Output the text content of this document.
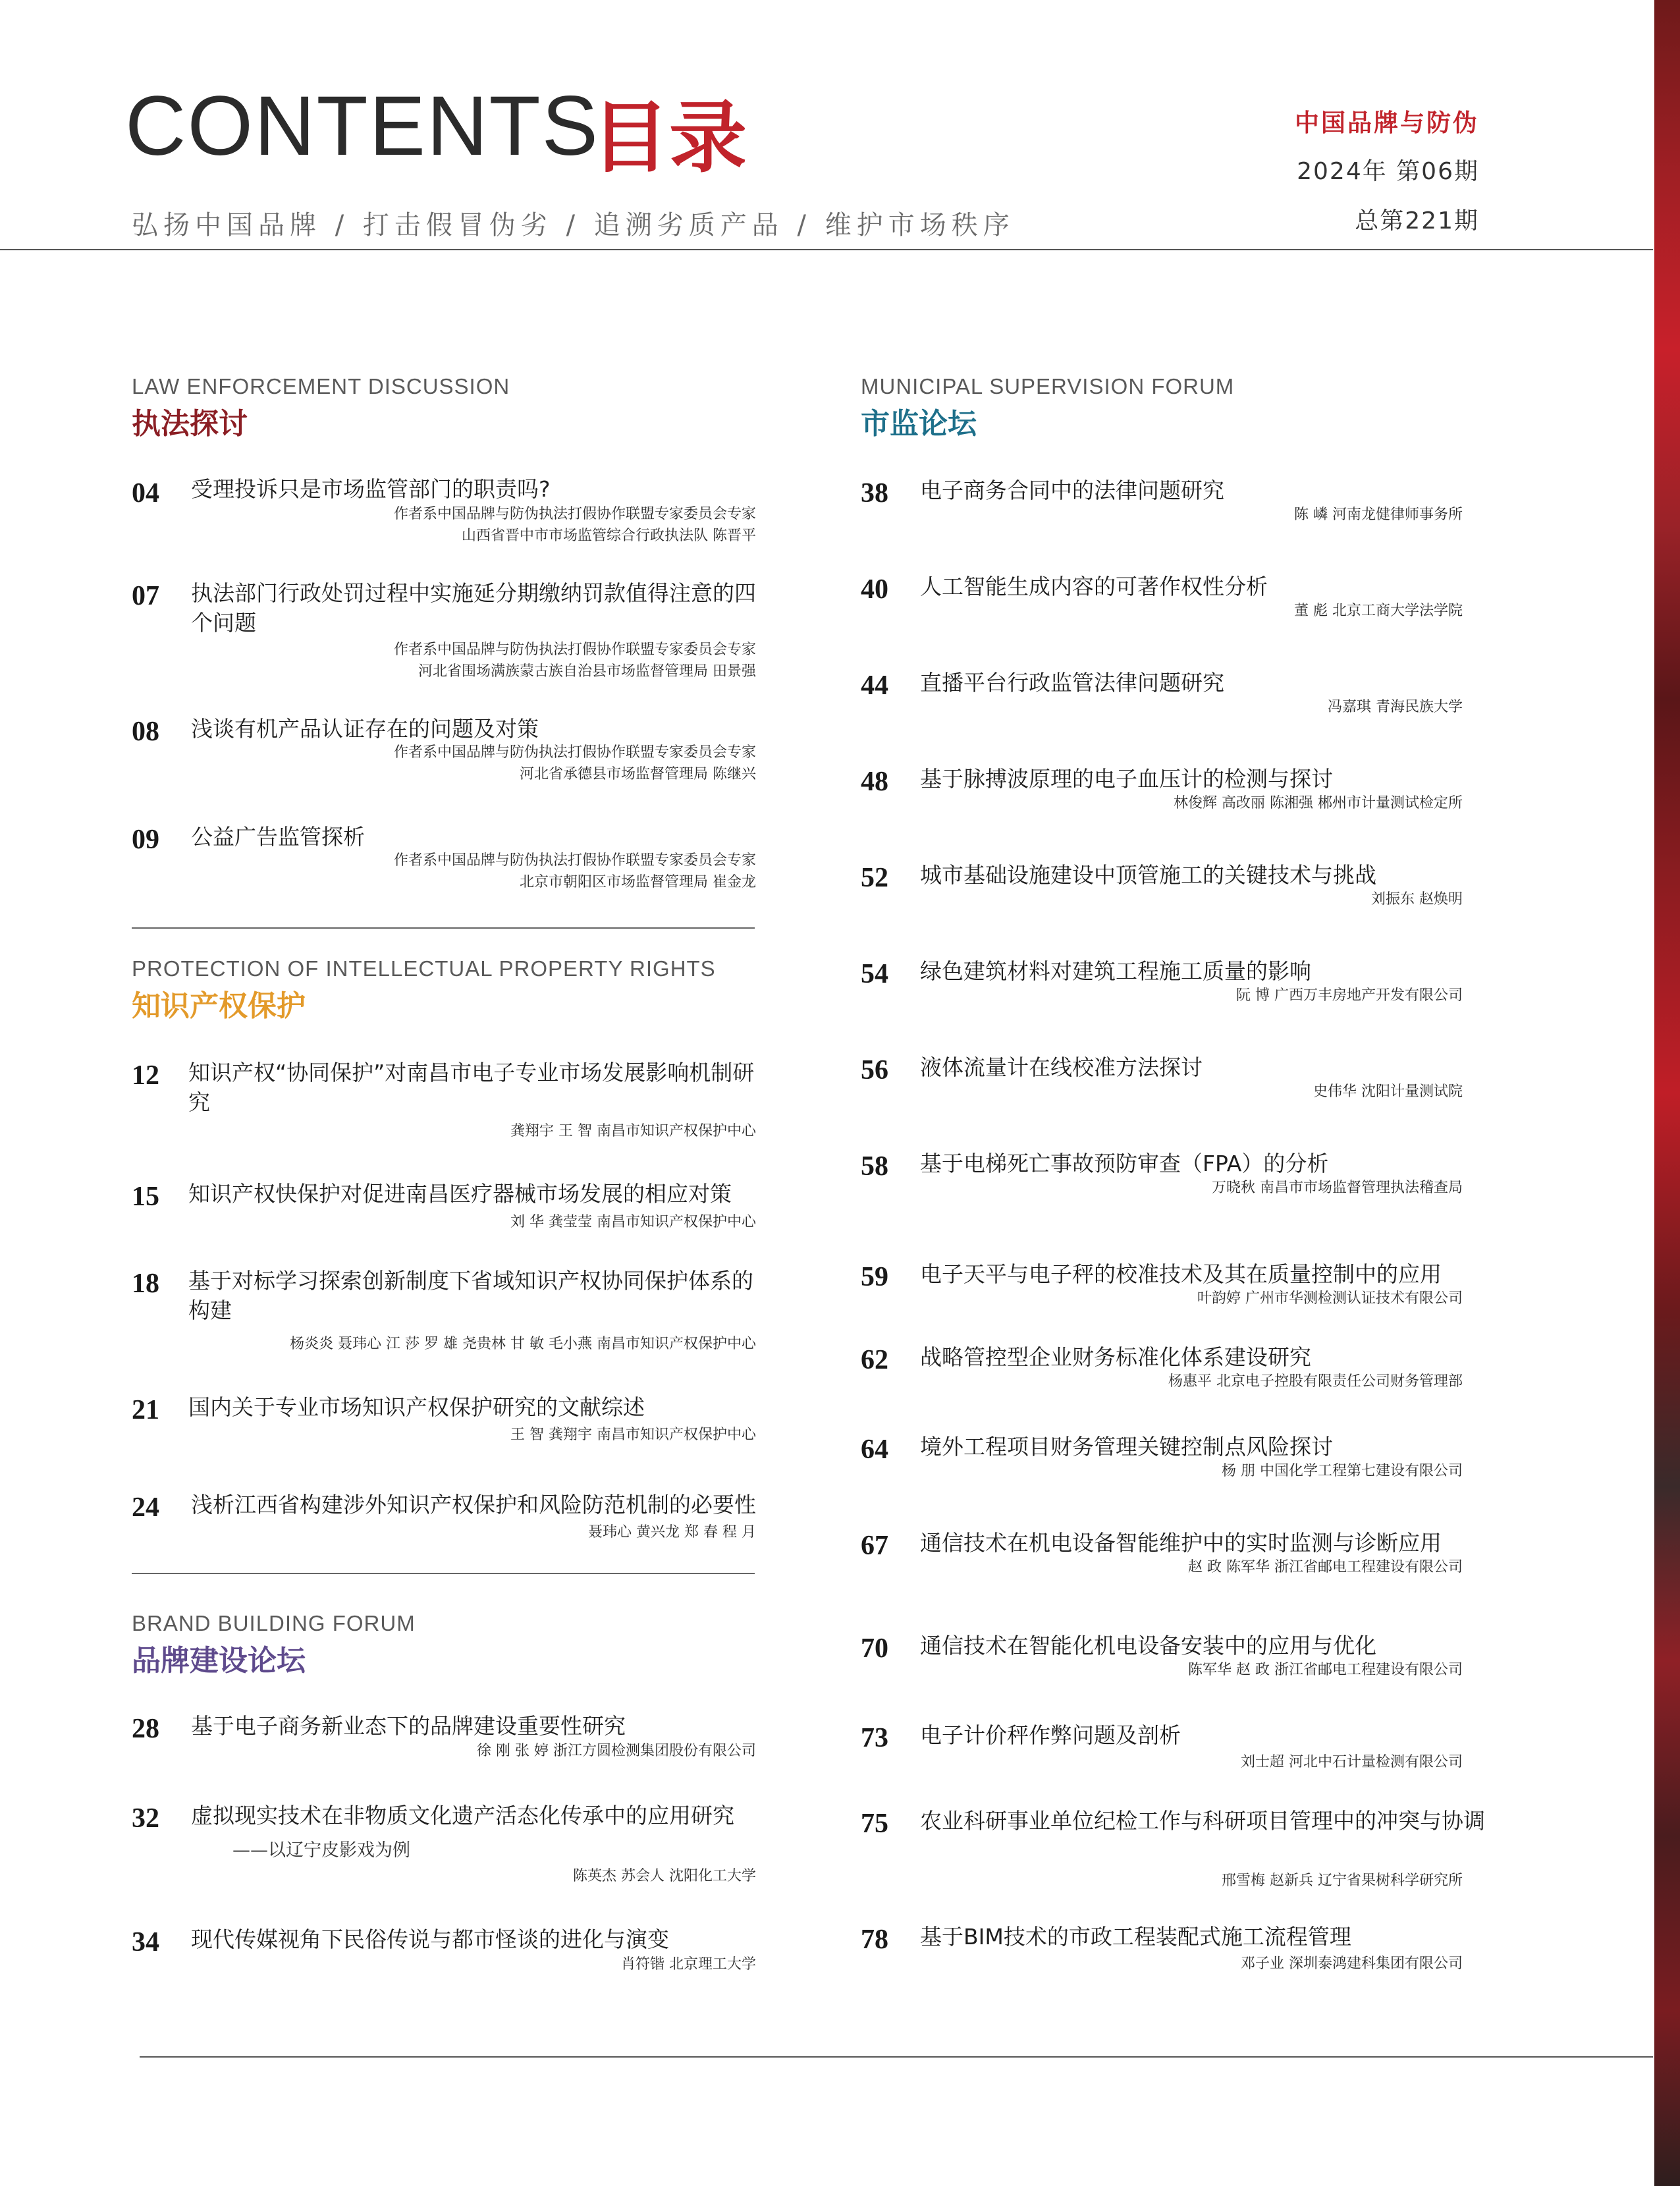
CONTENTS
目录
弘扬中国品牌 / 打击假冒伪劣 / 追溯劣质产品 / 维护市场秩序
中国品牌与防伪
2024年 第06期
总第221期
LAW ENFORCEMENT DISCUSSION
执法探讨
PROTECTION OF INTELLECTUAL PROPERTY RIGHTS
知识产权保护
BRAND BUILDING FORUM
品牌建设论坛
MUNICIPAL SUPERVISION FORUM
市监论坛
04 受理投诉只是市场监管部门的职责吗?
作者系中国品牌与防伪执法打假协作联盟专家委员会专家
山西省晋中市市场监管综合行政执法队 陈晋平
07 执法部门行政处罚过程中实施延分期缴纳罚款值得注意的四个问题
作者系中国品牌与防伪执法打假协作联盟专家委员会专家
河北省围场满族蒙古族自治县市场监督管理局 田景强
08 浅谈有机产品认证存在的问题及对策
作者系中国品牌与防伪执法打假协作联盟专家委员会专家
河北省承德县市场监督管理局 陈继兴
09 公益广告监管探析
作者系中国品牌与防伪执法打假协作联盟专家委员会专家
北京市朝阳区市场监督管理局 崔金龙
12 知识产权“协同保护”对南昌市电子专业市场发展影响机制研究
龚翔宇 王 智 南昌市知识产权保护中心
15 知识产权快保护对促进南昌医疗器械市场发展的相应对策
刘 华 龚莹莹 南昌市知识产权保护中心
18 基于对标学习探索创新制度下省域知识产权协同保护体系的构建
杨炎炎 聂玮心 江 莎 罗 雄 尧贵林 甘 敏 毛小燕 南昌市知识产权保护中心
21 国内关于专业市场知识产权保护研究的文献综述
王 智 龚翔宇 南昌市知识产权保护中心
24 浅析江西省构建涉外知识产权保护和风险防范机制的必要性
聂玮心 黄兴龙 郑 春 程 月
28 基于电子商务新业态下的品牌建设重要性研究
徐 刚 张 婷 浙江方圆检测集团股份有限公司
32 虚拟现实技术在非物质文化遗产活态化传承中的应用研究
——以辽宁皮影戏为例
陈英杰 苏会人 沈阳化工大学
34 现代传媒视角下民俗传说与都市怪谈的进化与演变
肖符锴 北京理工大学
38 电子商务合同中的法律问题研究
陈 嶙 河南龙健律师事务所
40 人工智能生成内容的可著作权性分析
董 彪 北京工商大学法学院
44 直播平台行政监管法律问题研究
冯嘉琪 青海民族大学
48 基于脉搏波原理的电子血压计的检测与探讨
林俊辉 高改丽 陈湘强 郴州市计量测试检定所
52 城市基础设施建设中顶管施工的关键技术与挑战
刘振东 赵焕明
54 绿色建筑材料对建筑工程施工质量的影响
阮 博 广西万丰房地产开发有限公司
56 液体流量计在线校准方法探讨
史伟华 沈阳计量测试院
58 基于电梯死亡事故预防审查（FPA）的分析
万晓秋 南昌市市场监督管理执法稽查局
59 电子天平与电子秤的校准技术及其在质量控制中的应用
叶韵婷 广州市华测检测认证技术有限公司
62 战略管控型企业财务标准化体系建设研究
杨惠平 北京电子控股有限责任公司财务管理部
64 境外工程项目财务管理关键控制点风险探讨
杨 朋 中国化学工程第七建设有限公司
67 通信技术在机电设备智能维护中的实时监测与诊断应用
赵 政 陈军华 浙江省邮电工程建设有限公司
70 通信技术在智能化机电设备安装中的应用与优化
陈军华 赵 政 浙江省邮电工程建设有限公司
73 电子计价秤作弊问题及剖析
刘士超 河北中石计量检测有限公司
75 农业科研事业单位纪检工作与科研项目管理中的冲突与协调
邢雪梅 赵新兵 辽宁省果树科学研究所
78 基于BIM技术的市政工程装配式施工流程管理
邓子业 深圳泰鸿建科集团有限公司
